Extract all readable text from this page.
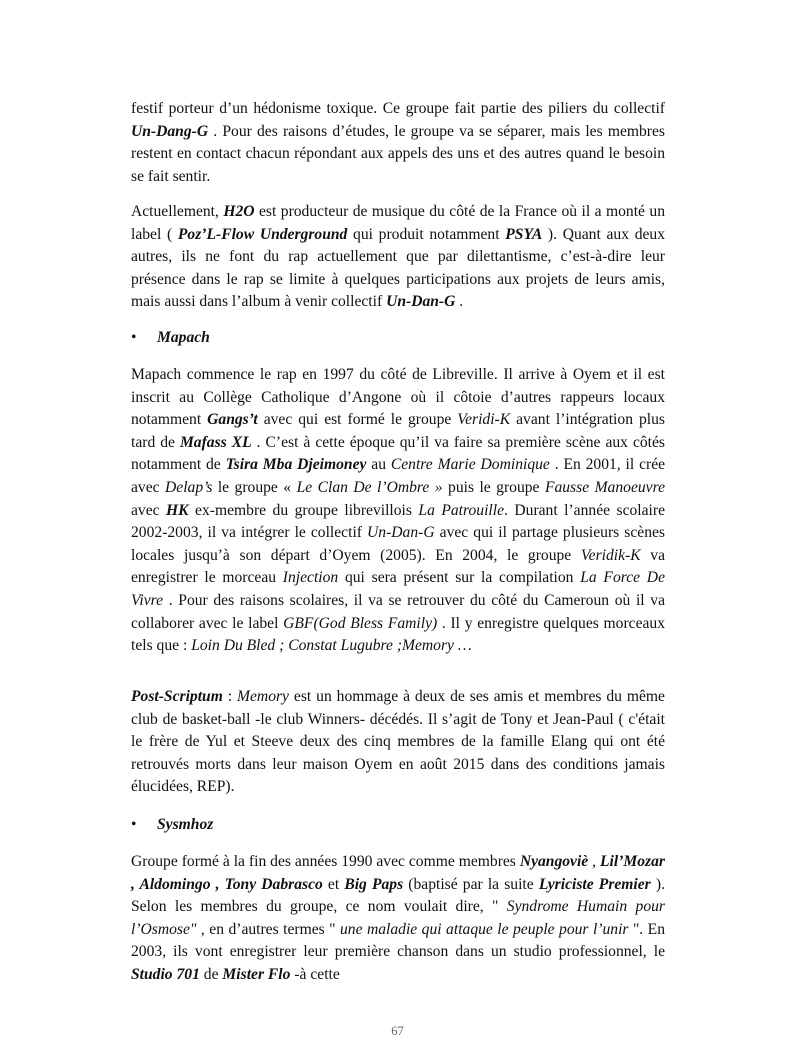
festif porteur d’un hédonisme toxique. Ce groupe fait partie des piliers du collectif Un-Dang-G . Pour des raisons d’études, le groupe va se séparer, mais les membres restent en contact chacun répondant aux appels des uns et des autres quand le besoin se fait sentir.

Actuellement, H2O est producteur de musique du côté de la France où il a monté un label ( Poz’L-Flow Underground qui produit notamment PSYA ). Quant aux deux autres, ils ne font du rap actuellement que par dilettantisme, c’est-à-dire leur présence dans le rap se limite à quelques participations aux projets de leurs amis, mais aussi dans l’album à venir collectif Un-Dan-G .

• Mapach

Mapach commence le rap en 1997 du côté de Libreville. Il arrive à Oyem et il est inscrit au Collège Catholique d’Angone où il côtoie d’autres rappeurs locaux notamment Gangs’t avec qui est formé le groupe Veridi-K avant l’intégration plus tard de Mafass XL . C’est à cette époque qu’il va faire sa première scène aux côtés notamment de Tsira Mba Djeimoney au Centre Marie Dominique . En 2001, il crée avec Delap’s le groupe « Le Clan De l’Ombre » puis le groupe Fausse Manoeuvre avec HK ex-membre du groupe librevillois La Patrouille. Durant l’année scolaire 2002-2003, il va intégrer le collectif Un-Dan-G avec qui il partage plusieurs scènes locales jusqu’à son départ d’Oyem (2005). En 2004, le groupe Veridik-K va enregistrer le morceau Injection qui sera présent sur la compilation La Force De Vivre . Pour des raisons scolaires, il va se retrouver du côté du Cameroun où il va collaborer avec le label GBF(God Bless Family) . Il y enregistre quelques morceaux tels que : Loin Du Bled ; Constat Lugubre ;Memory …

Post-Scriptum : Memory est un hommage à deux de ses amis et membres du même club de basket-ball -le club Winners- décédés. Il s’agit de Tony et Jean-Paul ( c'était le frère de Yul et Steeve deux des cinq membres de la famille Elang qui ont été retrouvés morts dans leur maison Oyem en août 2015 dans des conditions jamais élucidées, REP).

• Sysmhoz

Groupe formé à la fin des années 1990 avec comme membres Nyangoviè , Lil’Mozar , Aldomingo , Tony Dabrasco et Big Paps (baptisé par la suite Lyriciste Premier ). Selon les membres du groupe, ce nom voulait dire, " Syndrome Humain pour l’Osmose" , en d’autres termes " une maladie qui attaque le peuple pour l’unir ". En 2003, ils vont enregistrer leur première chanson dans un studio professionnel, le Studio 701 de Mister Flo -à cette

67
